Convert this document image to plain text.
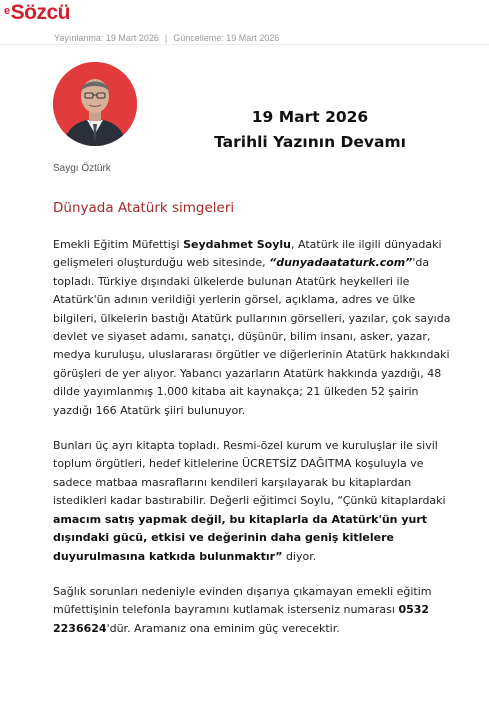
$^e$Sözcü
Yayınlanma: 19 Mart 2026 | Güncelleme: 19 Mart 2026
19 Mart 2026
Tarihli Yazının Devamı
Saygı Öztürk
Dünyada Atatürk simgeleri

Emekli Eğitim Müfettişi Seydahmet Soylu, Atatürk ile ilgili dünyadaki gelişmeleri oluşturduğu web sitesinde, “dunyadaataturk.com”'da topladı. Türkiye dışındaki ülkelerde bulunan Atatürk heykelleri ile Atatürk'ün adının verildiği yerlerin görsel, açıklama, adres ve ülke bilgileri, ülkelerin bastığı Atatürk pullarının görselleri, yazılar, çok sayıda devlet ve siyaset adamı, sanatçı, düşünür, bilim insanı, asker, yazar, medya kuruluşu, uluslararası örgütler ve diğerlerinin Atatürk hakkındaki görüşleri de yer alıyor. Yabancı yazarların Atatürk hakkında yazdığı, 48 dilde yayımlanmış 1.000 kitaba ait kaynakça; 21 ülkeden 52 şairin yazdığı 166 Atatürk şiiri bulunuyor.

Bunları üç ayrı kitapta topladı. Resmi-özel kurum ve kuruluşlar ile sivil toplum örgütleri, hedef kitlelerine ÜCRETSİZ DAĞITMA koşuluyla ve sadece matbaa masraflarını kendileri karşılayarak bu kitaplardan istedikleri kadar bastırabilir. Değerli eğitimci Soylu, “Çünkü kitaplardaki amacım satış yapmak değil, bu kitaplarla da Atatürk'ün yurt dışındaki gücü, etkisi ve değerinin daha geniş kitlelere duyurulmasına katkıda bulunmaktır” diyor.

Sağlık sorunları nedeniyle evinden dışarıya çıkamayan emekli eğitim müfettişinin telefonla bayramını kutlamak isterseniz numarası 0532 2236624'dür. Aramanız ona eminim güç verecektir.
